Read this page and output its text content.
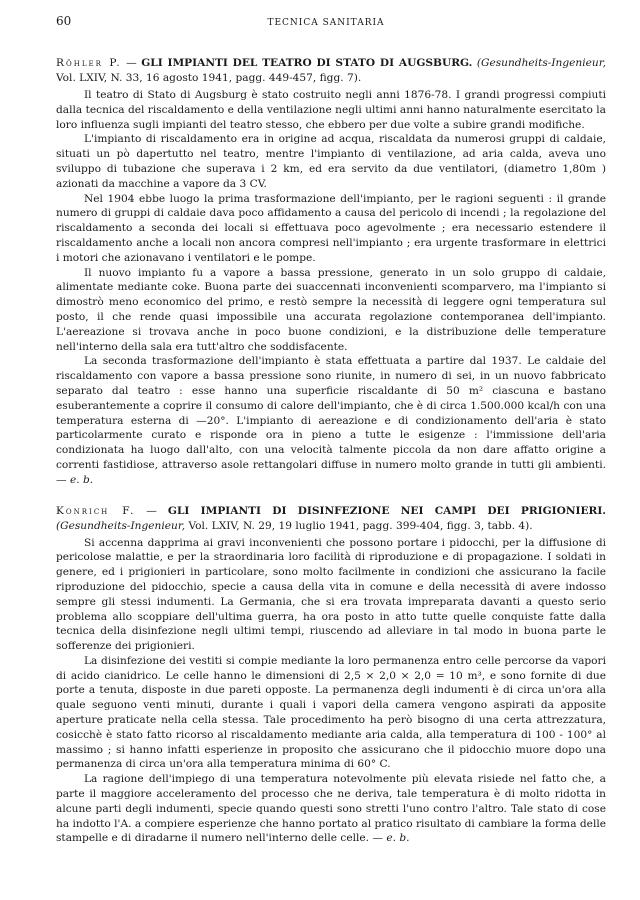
60	TECNICA SANITARIA

Röhler P. — GLI IMPIANTI DEL TEATRO DI STATO DI AUGSBURG. (Gesundheits-Ingenieur, Vol. LXIV, N. 33, 16 agosto 1941, pagg. 449-457, figg. 7).

Il teatro di Stato di Augsburg è stato costruito negli anni 1876-78. I grandi progressi compiuti dalla tecnica del riscaldamento e della ventilazione negli ultimi anni hanno naturalmente esercitato la loro influenza sugli impianti del teatro stesso, che ebbero per due volte a subire grandi modifiche.

L'impianto di riscaldamento era in origine ad acqua, riscaldata da numerosi gruppi di caldaie, situati un pò dapertutto nel teatro, mentre l'impianto di ventilazione, ad aria calda, aveva uno sviluppo di tubazione che superava i 2 km, ed era servito da due ventilatori, (diametro 1,80m ) azionati da macchine a vapore da 3 CV.

Nel 1904 ebbe luogo la prima trasformazione dell'impianto, per le ragioni seguenti : il grande numero di gruppi di caldaie dava poco affidamento a causa del pericolo di incendi ; la regolazione del riscaldamento a seconda dei locali si effettuava poco agevolmente ; era necessario estendere il riscaldamento anche a locali non ancora compresi nell'impianto ; era urgente trasformare in elettrici i motori che azionavano i ventilatori e le pompe.

Il nuovo impianto fu a vapore a bassa pressione, generato in un solo gruppo di caldaie, alimentate mediante coke. Buona parte dei suaccennati inconvenienti scomparvero, ma l'impianto si dimostrò meno economico del primo, e restò sempre la necessità di leggere ogni temperatura sul posto, il che rende quasi impossibile una accurata regolazione contemporanea dell'impianto. L'aereazione si trovava anche in poco buone condizioni, e la distribuzione delle temperature nell'interno della sala era tutt'altro che soddisfacente.

La seconda trasformazione dell'impianto è stata effettuata a partire dal 1937. Le caldaie del riscaldamento con vapore a bassa pressione sono riunite, in numero di sei, in un nuovo fabbricato separato dal teatro : esse hanno una superficie riscaldante di 50 m² ciascuna e bastano esuberantemente a coprire il consumo di calore dell'impianto, che è di circa 1.500.000 kcal/h con una temperatura esterna di —20°. L'impianto di aereazione e di condizionamento dell'aria è stato particolarmente curato e risponde ora in pieno a tutte le esigenze : l'immissione dell'aria condizionata ha luogo dall'alto, con una velocità talmente piccola da non dare affatto origine a correnti fastidiose, attraverso asole rettangolari diffuse in numero molto grande in tutti gli ambienti. — e. b.

Konrich F. — GLI IMPIANTI DI DISINFEZIONE NEI CAMPI DEI PRIGIONIERI. (Gesundheits-Ingenieur, Vol. LXIV, N. 29, 19 luglio 1941, pagg. 399-404, figg. 3, tabb. 4).

Si accenna dapprima ai gravi inconvenienti che possono portare i pidocchi, per la diffusione di pericolose malattie, e per la straordinaria loro facilità di riproduzione e di propagazione. I soldati in genere, ed i prigionieri in particolare, sono molto facilmente in condizioni che assicurano la facile riproduzione del pidocchio, specie a causa della vita in comune e della necessità di avere indosso sempre gli stessi indumenti. La Germania, che si era trovata impreparata davanti a questo serio problema allo scoppiare dell'ultima guerra, ha ora posto in atto tutte quelle conquiste fatte dalla tecnica della disinfezione negli ultimi tempi, riuscendo ad alleviare in tal modo in buona parte le sofferenze dei prigionieri.

La disinfezione dei vestiti si compie mediante la loro permanenza entro celle percorse da vapori di acido cianidrico. Le celle hanno le dimensioni di 2,5 × 2,0 × 2,0 = 10 m³, e sono fornite di due porte a tenuta, disposte in due pareti opposte. La permanenza degli indumenti è di circa un'ora alla quale seguono venti minuti, durante i quali i vapori della camera vengono aspirati da apposite aperture praticate nella cella stessa. Tale procedimento ha però bisogno di una certa attrezzatura, cosicchè è stato fatto ricorso al riscaldamento mediante aria calda, alla temperatura di 100 - 100° al massimo ; si hanno infatti esperienze in proposito che assicurano che il pidocchio muore dopo una permanenza di circa un'ora alla temperatura minima di 60° C.

La ragione dell'impiego di una temperatura notevolmente più elevata risiede nel fatto che, a parte il maggiore acceleramento del processo che ne deriva, tale temperatura è di molto ridotta in alcune parti degli indumenti, specie quando questi sono stretti l'uno contro l'altro. Tale stato di cose ha indotto l'A. a compiere esperienze che hanno portato al pratico risultato di cambiare la forma delle stampelle e di diradarne il numero nell'interno delle celle. — e. b.
